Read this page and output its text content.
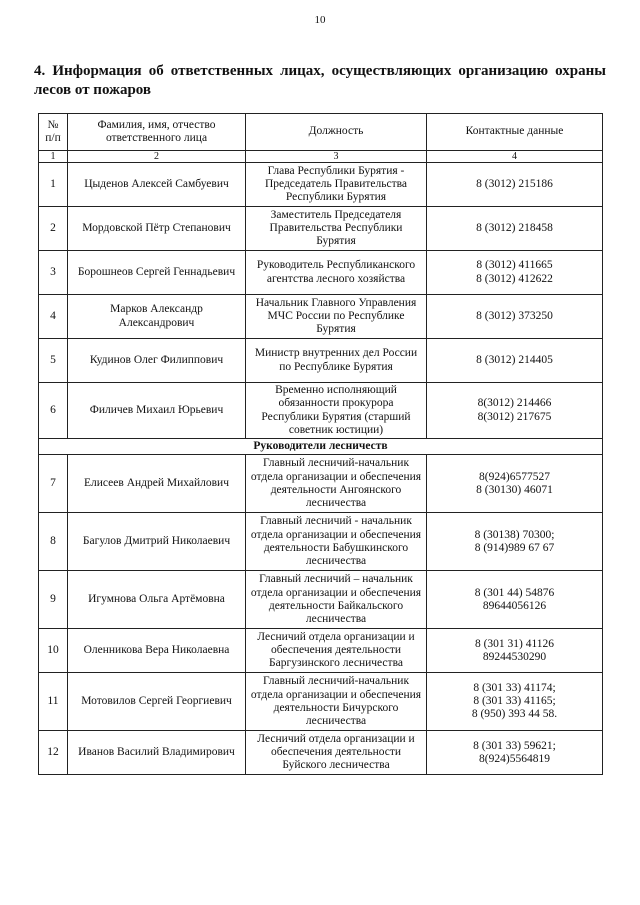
10
4. Информация об ответственных лицах, осуществляющих организацию охраны лесов от пожаров
№ п/п	Фамилия, имя, отчество ответственного лица	Должность	Контактные данные
1	2	3	4
1	Цыденов Алексей Самбуевич	Глава Республики Бурятия - Председатель Правительства Республики Бурятия	8 (3012) 215186

2	Мордовской Пётр Степанович	Заместитель Председателя Правительства Республики Бурятия	8 (3012) 218458

3	Борошнеов Сергей Геннадьевич	Руководитель Республиканского агентства лесного хозяйства	8 (3012) 411665
8 (3012) 412622

4	Марков Александр Александрович	Начальник Главного Управления МЧС России по Республике Бурятия	8 (3012) 373250

5	Кудинов Олег Филиппович	Министр внутренних дел России по Республике Бурятия	8 (3012) 214405

6	Филичев Михаил Юрьевич	Временно исполняющий обязанности прокурора Республики Бурятия (старший советник юстиции)	8(3012) 214466
8(3012) 217675

Руководители лесничеств			
7	Елисеев Андрей Михайлович	Главный лесничий-начальник отдела организации и обеспечения деятельности Ангоянского лесничества	8(924)6577527
8 (30130) 46071

8	Багулов Дмитрий Николаевич	Главный лесничий - начальник отдела организации и обеспечения деятельности Бабушкинского лесничества	8 (30138) 70300;
8 (914)989 67 67

9	Игумнова Ольга Артёмовна	Главный лесничий – начальник отдела организации и обеспечения деятельности Байкальского лесничества	8 (301 44) 54876
89644056126

10	Оленникова Вера Николаевна	Лесничий отдела организации и обеспечения деятельности Баргузинского лесничества	8 (301 31) 41126
89244530290

11	Мотовилов Сергей Георгиевич	Главный лесничий-начальник отдела организации и обеспечения деятельности Бичурского лесничества	8 (301 33) 41174;
8 (301 33) 41165;
8 (950) 393 44 58.

12	Иванов Василий Владимирович	Лесничий отдела организации и обеспечения деятельности Буйского лесничества	8 (301 33) 59621;
8(924)5564819
